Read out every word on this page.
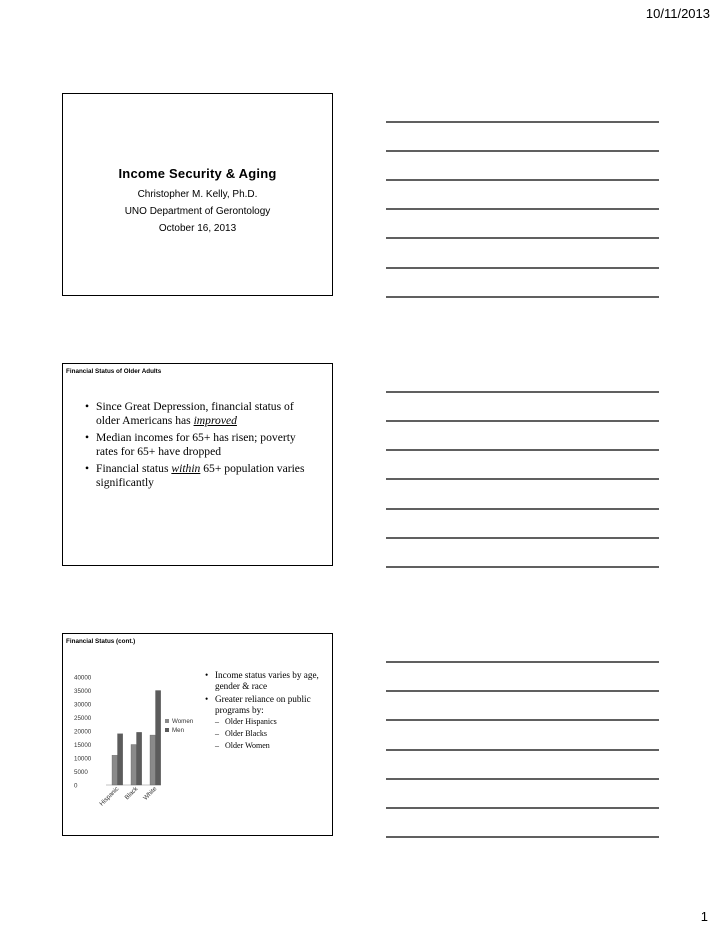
10/11/2013
Income Security & Aging
Christopher M. Kelly, Ph.D.
UNO Department of Gerontology
October 16, 2013
Financial Status of Older Adults
• Since Great Depression, financial status of older Americans has improved
• Median incomes for 65+ has risen; poverty rates for 65+ have dropped
• Financial status within 65+ population varies significantly
Financial Status (cont.)
40000
35000
30000
25000
20000
15000
10000
5000
0	Hispanic Black White
Women
Men
• Income status varies by age, gender & race
• Greater reliance on public programs by:
– Older Hispanics
– Older Blacks
– Older Women
1
